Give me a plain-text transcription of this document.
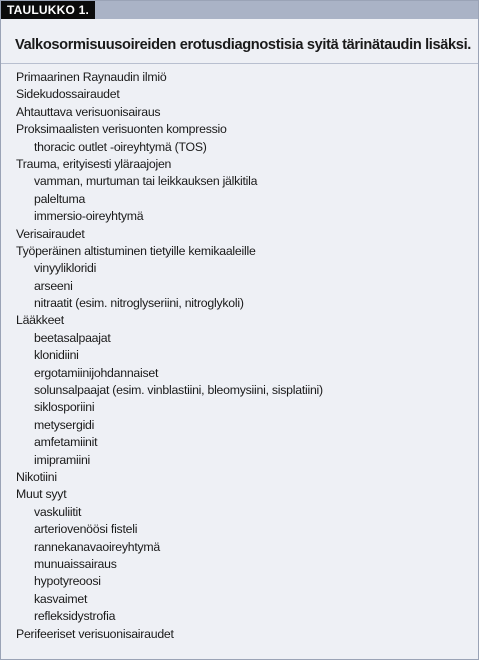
TAULUKKO 1.
Valkosormisuusoireiden erotusdiagnostisia syitä tärinätaudin lisäksi.
Primaarinen Raynaudin ilmiö
Sidekudossairaudet
Ahtauttava verisuonisairaus
Proksimaalisten verisuonten kompressio
thoracic outlet -oireyhtymä (TOS)
Trauma, erityisesti yläraajojen
vamman, murtuman tai leikkauksen jälkitila
paleltuma
immersio-oireyhtymä
Verisairaudet
Työperäinen altistuminen tietyille kemikaaleille
vinyylikloridi
arseeni
nitraatit (esim. nitroglyseriini, nitroglykoli)
Lääkkeet
beetasalpaajat
klonidiini
ergotamiinijohdannaiset
solunsalpaajat (esim. vinblastiini, bleomysiini, sisplatiini)
siklosporiini
metysergidi
amfetamiinit
imipramiini
Nikotiini
Muut syyt
vaskuliitit
arteriovenöösi fisteli
rannekanavaoireyhtymä
munuaissairaus
hypotyreoosi
kasvaimet
refleksidystrofia
Perifeeriset verisuonisairaudet
